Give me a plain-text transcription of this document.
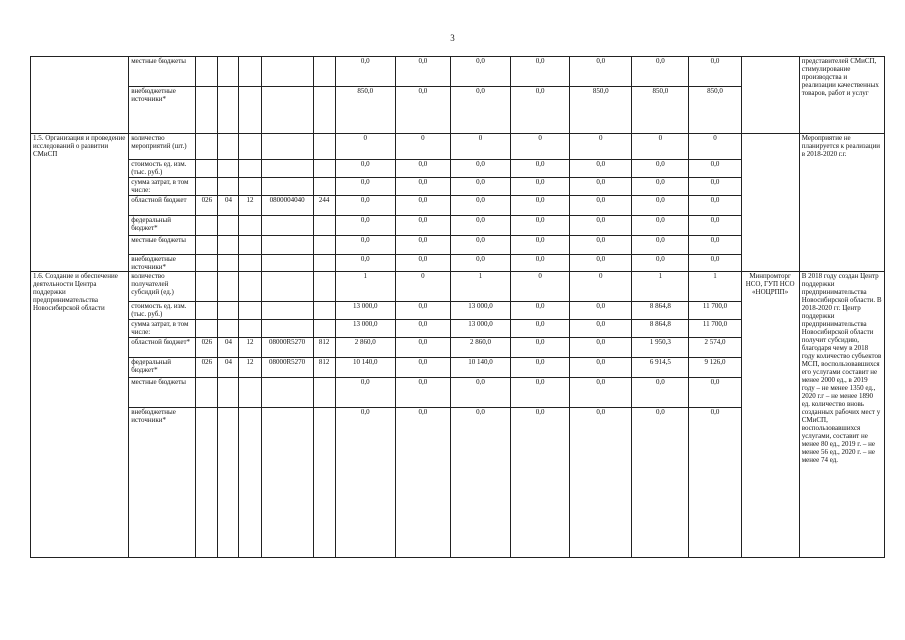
3
	местные бюджеты						0,0	0,0	0,0	0,0	0,0	0,0	0,0		представителей СМиСП, стимулирование производства и реализации качественных товаров, работ и услуг
	внебюджетные источники*						850,0	0,0	0,0	0,0	850,0	850,0	850,0		
1.5. Организация и проведение исследований о развитии СМиСП	количество мероприятий (шт.)						0	0	0	0	0	0	0		Мероприятие не планируется к реализации в 2018-2020 г.г.
	стоимость ед. изм. (тыс. руб.)						0,0	0,0	0,0	0,0	0,0	0,0	0,0		
	сумма затрат, в том числе:						0,0	0,0	0,0	0,0	0,0	0,0	0,0		
	областной бюджет	026	04	12	0800004040	244	0,0	0,0	0,0	0,0	0,0	0,0	0,0		
	федеральный бюджет*						0,0	0,0	0,0	0,0	0,0	0,0	0,0		
	местные бюджеты						0,0	0,0	0,0	0,0	0,0	0,0	0,0		
	внебюджетные источники*						0,0	0,0	0,0	0,0	0,0	0,0	0,0		
1.6. Создание и обеспечение деятельности Центра поддержки предпринимательства Новосибирской области	количество получателей субсидий (ед.)						1	0	1	0	0	1	1	Минпромторг НСО, ГУП НСО «НОЦРПП»	В 2018 году создан Центр поддержки предпринимательства Новосибирской области. В 2018-2020 гг. Центр поддержки предпринимательства Новосибирской области получит субсидию, благодаря чему в 2018 году количество субъектов МСП, воспользовавшихся его услугами составит не менее 2000 ед., в 2019 году – не менее 1350 ед., 2020 г.г – не менее 1890 ед. количество вновь созданных рабочих мест у СМиСП, воспользовавшихся услугами, составит не менее 80 ед., 2019 г. – не менее 56 ед., 2020 г. – не менее 74 ед.
	стоимость ед. изм. (тыс. руб.)						13 000,0	0,0	13 000,0	0,0	0,0	8 864,8	11 700,0		
	сумма затрат, в том числе:						13 000,0	0,0	13 000,0	0,0	0,0	8 864,8	11 700,0		
	областной бюджет*	026	04	12	08000R5270	812	2 860,0	0,0	2 860,0	0,0	0,0	1 950,3	2 574,0		
	федеральный бюджет*	026	04	12	08000R5270	812	10 140,0	0,0	10 140,0	0,0	0,0	6 914,5	9 126,0		
	местные бюджеты						0,0	0,0	0,0	0,0	0,0	0,0	0,0		
	внебюджетные источники*						0,0	0,0	0,0	0,0	0,0	0,0	0,0		
